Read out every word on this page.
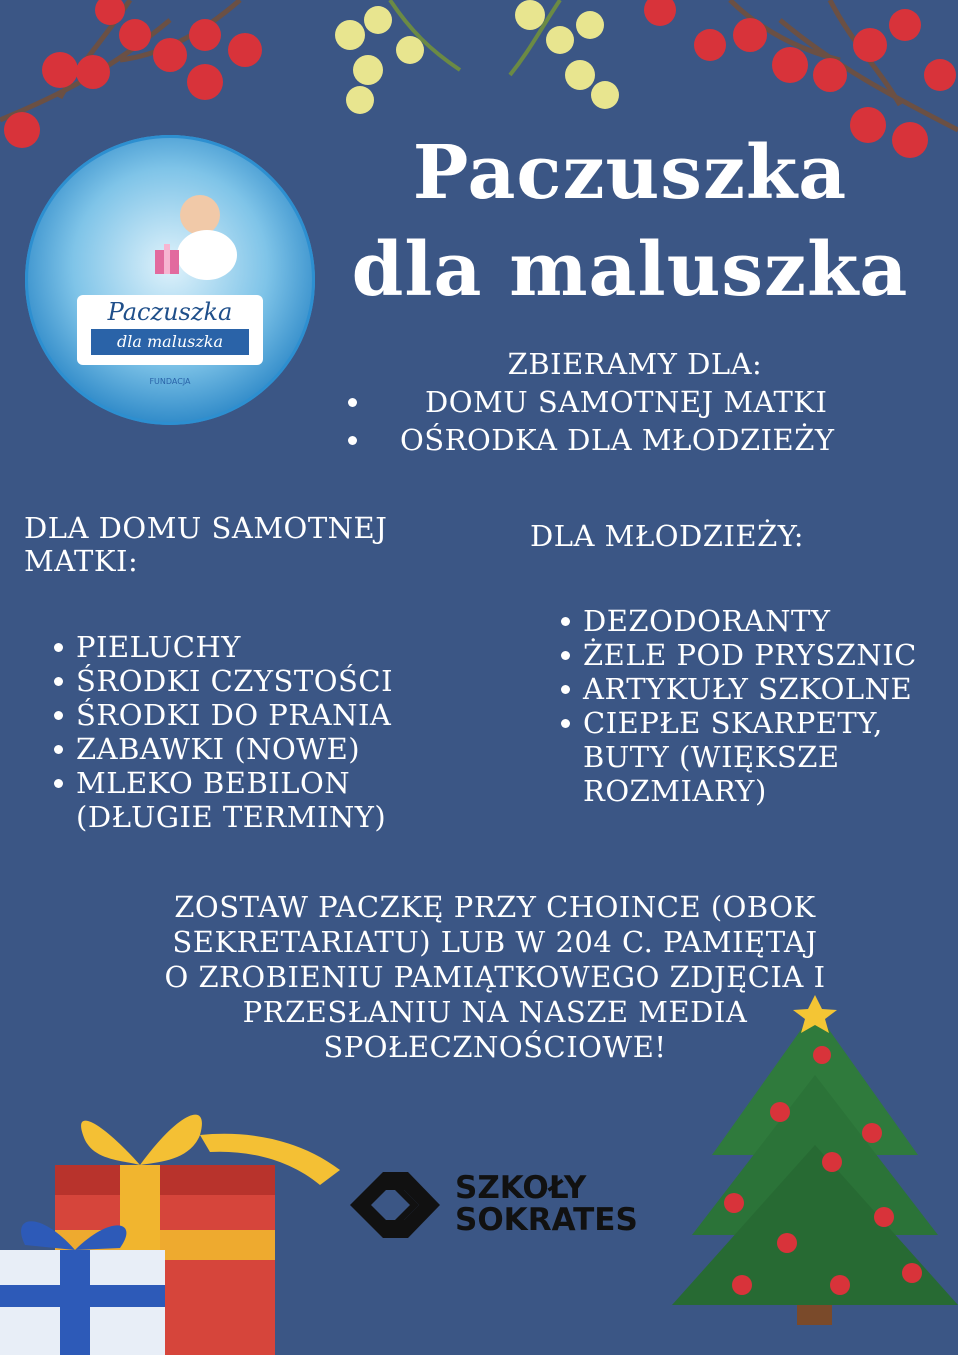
Paczuszka
dla maluszka
FUNDACJA
Paczuszka
dla maluszka
ZBIERAMY DLA:
DOMU SAMOTNEJ MATKI

OŚRODKA DLA MŁODZIEŻY

DLA DOMU SAMOTNEJ MATKI:
PIELUCHY
ŚRODKI CZYSTOŚCI
ŚRODKI DO PRANIA
ZABAWKI (NOWE)
MLEKO BEBILON (DŁUGIE TERMINY)
DLA MŁODZIEŻY:
DEZODORANTY
ŻELE POD PRYSZNIC
ARTYKUŁY SZKOLNE
CIEPŁE SKARPETY, BUTY (WIĘKSZE ROZMIARY)
ZOSTAW PACZKĘ PRZY CHOINCE (OBOK SEKRETARIATU) LUB W 204 C. PAMIĘTAJ O ZROBIENIU PAMIĄTKOWEGO ZDJĘCIA I PRZESŁANIU NA NASZE MEDIA SPOŁECZNOŚCIOWE!
SZKOŁY
SOKRATES
